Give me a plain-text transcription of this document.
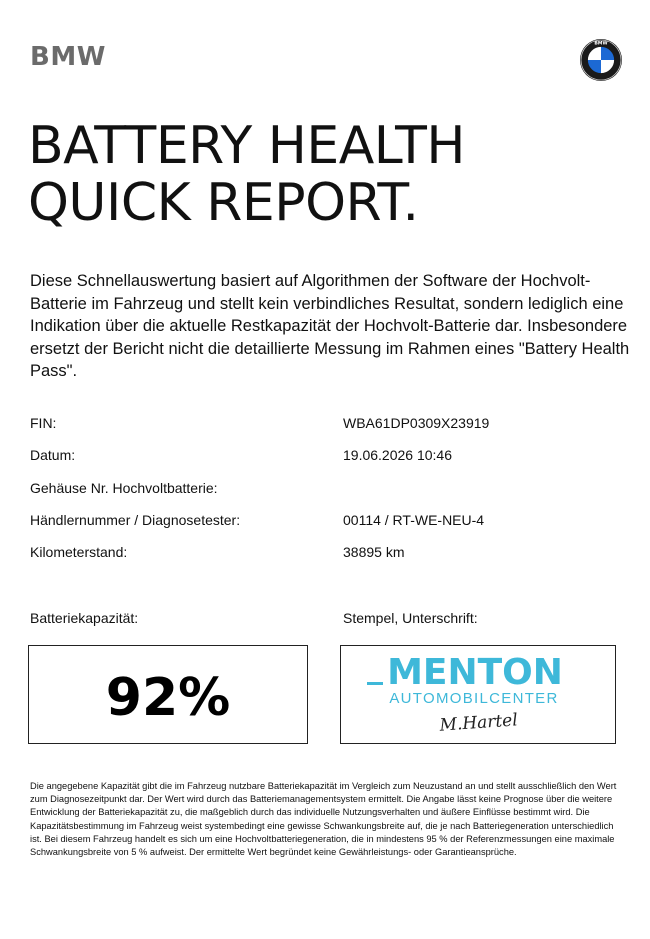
BMW	BMW
BATTERY HEALTH
QUICK REPORT.
Diese Schnellauswertung basiert auf Algorithmen der Software der Hochvolt-Batterie im Fahrzeug und stellt kein verbindliches Resultat, sondern lediglich eine Indikation über die aktuelle Restkapazität der Hochvolt-Batterie dar. Insbesondere ersetzt der Bericht nicht die detaillierte Messung im Rahmen eines "Battery Health Pass".
FIN:	WBA61DP0309X23919
Datum:	19.06.2026 10:46
Gehäuse Nr. Hochvoltbatterie:
Händlernummer / Diagnosetester:	00114 / RT-WE-NEU-4
Kilometerstand:	38895 km
Batteriekapazität:	Stempel, Unterschrift:
92%	MENTON
AUTOMOBILCENTER
M.Hartel
Die angegebene Kapazität gibt die im Fahrzeug nutzbare Batteriekapazität im Vergleich zum Neuzustand an und stellt ausschließlich den Wert zum Diagnosezeitpunkt dar. Der Wert wird durch das Batteriemanagementsystem ermittelt. Die Angabe lässt keine Prognose über die weitere Entwicklung der Batteriekapazität zu, die maßgeblich durch das individuelle Nutzungsverhalten und äußere Einflüsse bestimmt wird. Die Kapazitätsbestimmung im Fahrzeug weist systembedingt eine gewisse Schwankungsbreite auf, die je nach Batteriegeneration unterschiedlich ist. Bei diesem Fahrzeug handelt es sich um eine Hochvoltbatteriegeneration, die in mindestens 95 % der Referenzmessungen eine maximale Schwankungsbreite von 5 % aufweist. Der ermittelte Wert begründet keine Gewährleistungs- oder Garantieansprüche.
